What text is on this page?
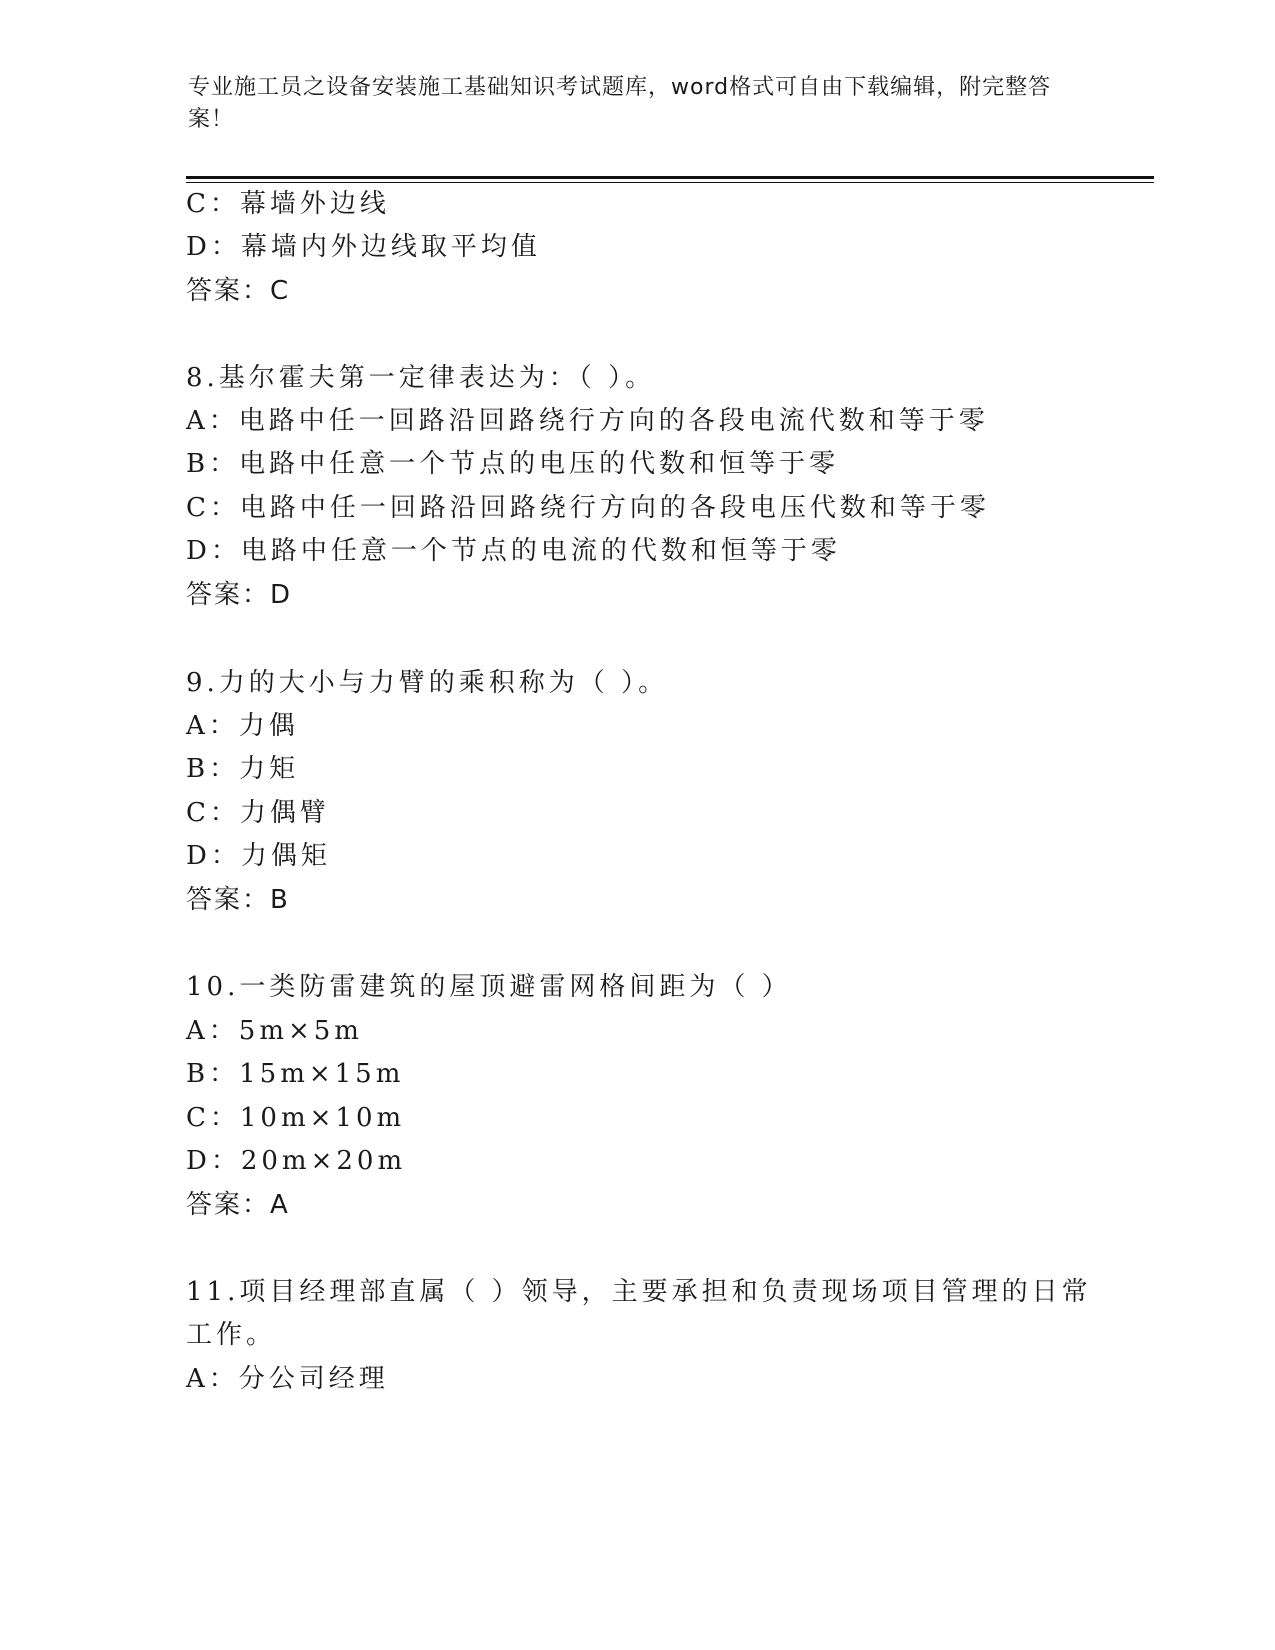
专业施工员之设备安装施工基础知识考试题库，word格式可自由下载编辑，附完整答案！
C：幕墙外边线
D：幕墙内外边线取平均值
答案：C
8.基尔霍夫第一定律表达为：（ ）。
A：电路中任一回路沿回路绕行方向的各段电流代数和等于零
B：电路中任意一个节点的电压的代数和恒等于零
C：电路中任一回路沿回路绕行方向的各段电压代数和等于零
D：电路中任意一个节点的电流的代数和恒等于零
答案：D
9.力的大小与力臂的乘积称为（ ）。
A：力偶
B：力矩
C：力偶臂
D：力偶矩
答案：B
10.一类防雷建筑的屋顶避雷网格间距为（ ）
A：5m×5m
B：15m×15m
C：10m×10m
D：20m×20m
答案：A
11.项目经理部直属（ ）领导，主要承担和负责现场项目管理的日常
工作。
A：分公司经理
